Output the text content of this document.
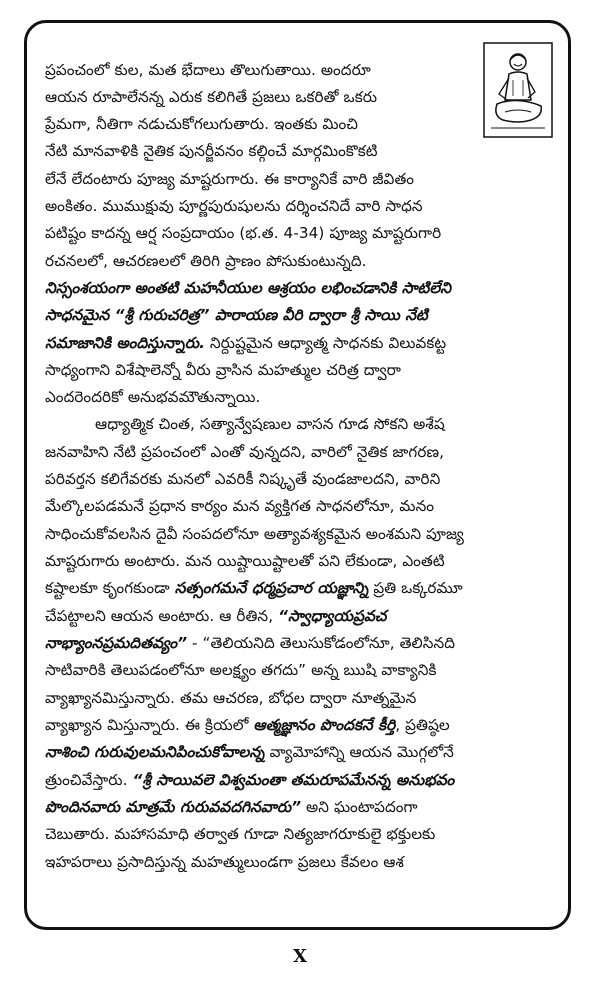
ప్రపంచంలో కుల, మత భేదాలు తొలుగుతాయి. అందరూ
ఆయన రూపాలేనన్న ఎరుక కలిగితే ప్రజలు ఒకరితో ఒకరు
ప్రేమగా, నీతిగా నడుచుకోగలుగుతారు. ఇంతకు మించి
నేటి మానవాళికి నైతిక పునర్జీవనం కల్గించే మార్గమింకొకటి
లేనే లేదంటారు పూజ్య మాష్టరుగారు. ఈ కార్యానికే వారి జీవితం
అంకితం. ముముక్షువు పూర్ణపురుషులను దర్శించనిదే వారి సాధన
పటిష్టం కాదన్న ఆర్ష సంప్రదాయం (భ.త. 4-34) పూజ్య మాష్టరుగారి
రచనలలో, ఆచరణలలో తిరిగి ప్రాణం పోసుకుంటున్నది.
నిస్సంశయంగా అంతటి మహనీయుల ఆశ్రయం లభించడానికి సాటిలేని
సాధనమైన “శ్రీ గురుచరిత్ర” పారాయణ వీరి ద్వారా శ్రీ సాయి నేటి
సమాజానికి అందిస్తున్నారు. నిర్దుష్టమైన ఆధ్యాత్మ సాధనకు విలువకట్ట
సాధ్యంగాని విశేషాలెన్నో వీరు వ్రాసిన మహత్ముల చరిత్ర ద్వారా
ఎందరెందరికో అనుభవమౌతున్నాయి.
ఆధ్యాత్మిక చింత, సత్యాన్వేషణుల వాసన గూడ సోకని అశేష
జనవాహిని నేటి ప్రపంచంలో ఎంతో వున్నదని, వారిలో నైతిక జాగరణ,
పరివర్తన కలిగేవరకు మనలో ఎవరికీ నిష్కృతే వుండజాలదని, వారిని
మేల్కొలపడమనే ప్రధాన కార్యం మన వ్యక్తిగత సాధనలోనూ, మనం
సాధించుకోవలసిన దైవీ సంపదలోనూ అత్యావశ్యకమైన అంశమని పూజ్య
మాష్టరుగారు అంటారు. మన యిష్టాయిష్టాలతో పని లేకుండా, ఎంతటి
కష్టాలకూ కృంగకుండా సత్సంగమనే ధర్మప్రచార యజ్ఞాన్ని ప్రతి ఒక్కరమూ
చేపట్టాలని ఆయన అంటారు. ఆ రీతిన, “స్వాధ్యాయప్రవచ
నాభ్యాంనప్రమదితవ్యం” - “తెలియనిది తెలుసుకోడంలోనూ, తెలిసినది
సాటివారికి తెలుపడంలోనూ అలక్ష్యం తగదు” అన్న ఋషి వాక్యానికి
వ్యాఖ్యానమిస్తున్నారు. తమ ఆచరణ, బోధల ద్వారా నూత్నమైన
వ్యాఖ్యాన మిస్తున్నారు. ఈ క్రియలో ఆత్మజ్ఞానం పొందకనే కీర్తి, ప్రతిష్ఠల
నాశించి గురువులమనిపించుకోవాలన్న వ్యామోహాన్ని ఆయన మొగ్గలోనే
త్రుంచివేస్తారు. “శ్రీ సాయివలె విశ్వమంతా తమరూపమేనన్న అనుభవం
పొందినవారు మాత్రమే గురువవదగినవారు” అని ఘంటాపదంగా
చెబుతారు. మహాసమాధి తర్వాత గూడా నిత్యజాగరూకులై భక్తులకు
ఇహపరాలు ప్రసాదిస్తున్న మహత్ములుండగా ప్రజలు కేవలం ఆశ
X
